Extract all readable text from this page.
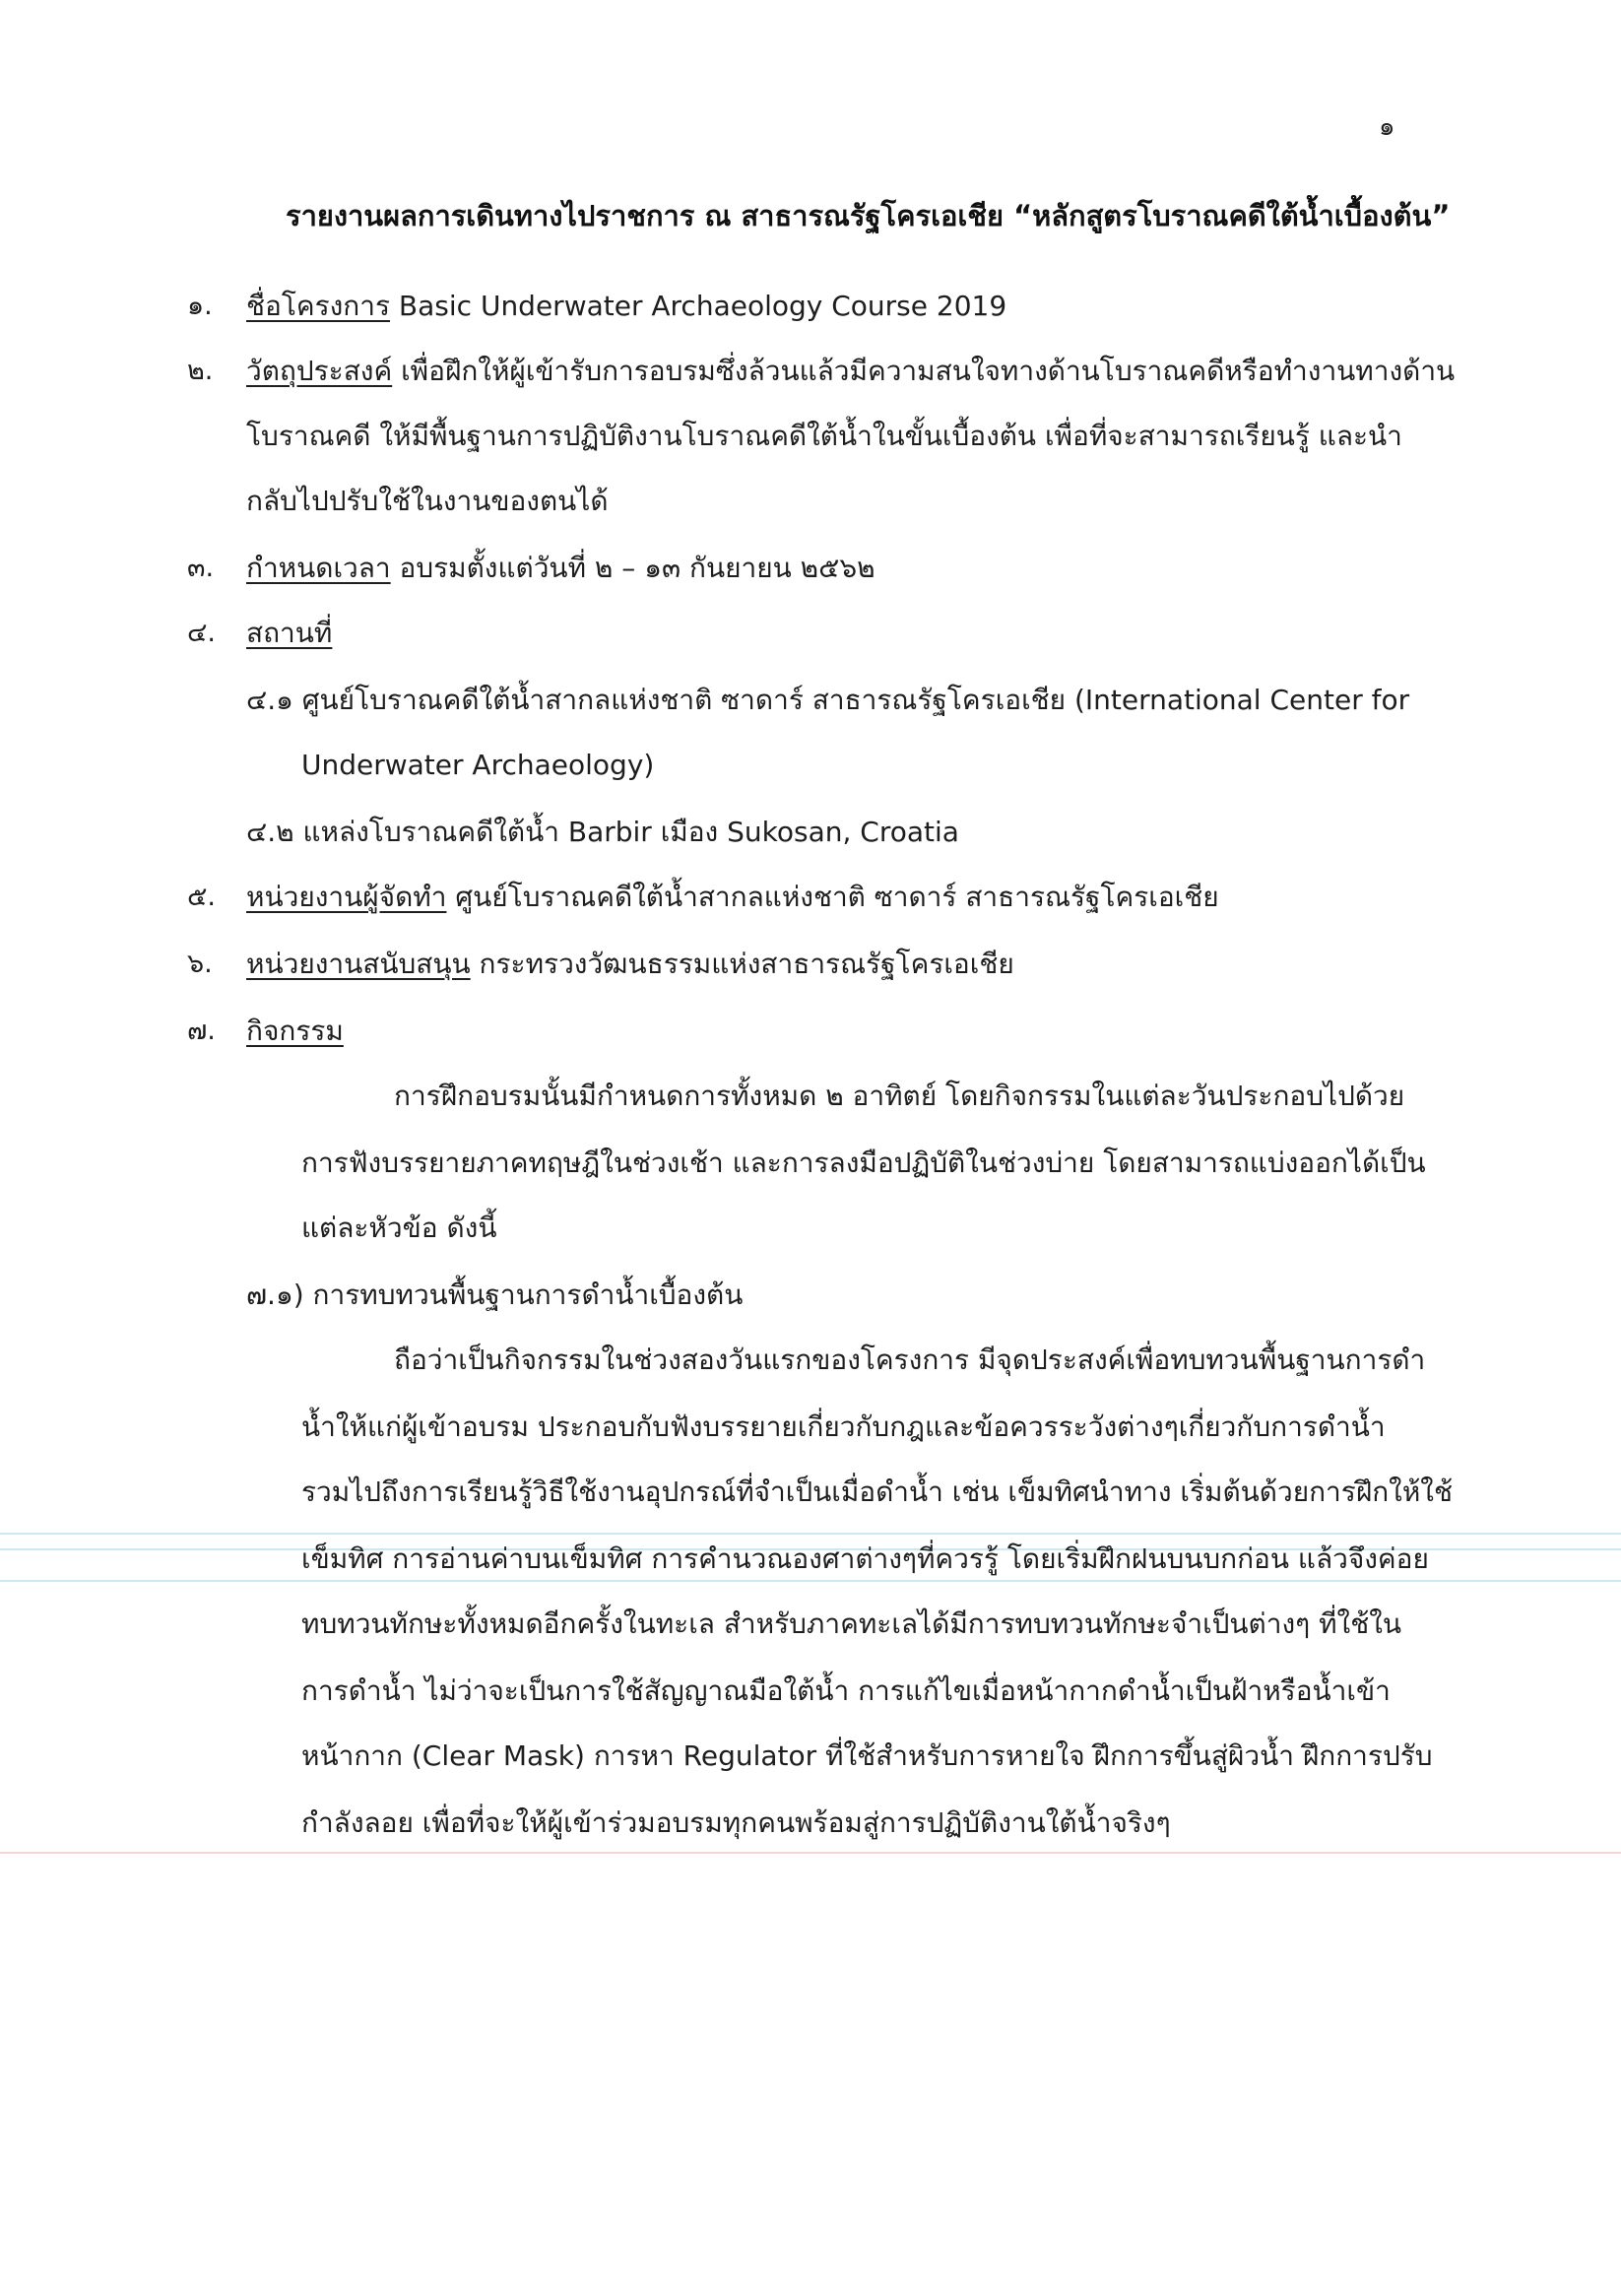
๑
รายงานผลการเดินทางไปราชการ ณ สาธารณรัฐโครเอเชีย “หลักสูตรโบราณคดีใต้น้ำเบื้องต้น”
๑. ชื่อโครงการ Basic Underwater Archaeology Course 2019
๒. วัตถุประสงค์ เพื่อฝึกให้ผู้เข้ารับการอบรมซึ่งล้วนแล้วมีความสนใจทางด้านโบราณคดีหรือทำงานทางด้าน
โบราณคดี ให้มีพื้นฐานการปฏิบัติงานโบราณคดีใต้น้ำในขั้นเบื้องต้น เพื่อที่จะสามารถเรียนรู้ และนำ
กลับไปปรับใช้ในงานของตนได้
๓. กำหนดเวลา อบรมตั้งแต่วันที่ ๒ – ๑๓ กันยายน ๒๕๖๒
๔. สถานที่
๔.๑ ศูนย์โบราณคดีใต้น้ำสากลแห่งชาติ ซาดาร์ สาธารณรัฐโครเอเชีย (International Center for
Underwater Archaeology)
๔.๒ แหล่งโบราณคดีใต้น้ำ Barbir เมือง Sukosan, Croatia
๕. หน่วยงานผู้จัดทำ ศูนย์โบราณคดีใต้น้ำสากลแห่งชาติ ซาดาร์ สาธารณรัฐโครเอเชีย
๖. หน่วยงานสนับสนุน กระทรวงวัฒนธรรมแห่งสาธารณรัฐโครเอเชีย
๗. กิจกรรม
การฝึกอบรมนั้นมีกำหนดการทั้งหมด ๒ อาทิตย์ โดยกิจกรรมในแต่ละวันประกอบไปด้วย
การฟังบรรยายภาคทฤษฎีในช่วงเช้า และการลงมือปฏิบัติในช่วงบ่าย โดยสามารถแบ่งออกได้เป็น
แต่ละหัวข้อ ดังนี้
๗.๑) การทบทวนพื้นฐานการดำน้ำเบื้องต้น
ถือว่าเป็นกิจกรรมในช่วงสองวันแรกของโครงการ มีจุดประสงค์เพื่อทบทวนพื้นฐานการดำ
น้ำให้แก่ผู้เข้าอบรม ประกอบกับฟังบรรยายเกี่ยวกับกฎและข้อควรระวังต่างๆเกี่ยวกับการดำน้ำ
รวมไปถึงการเรียนรู้วิธีใช้งานอุปกรณ์ที่จำเป็นเมื่อดำน้ำ เช่น เข็มทิศนำทาง เริ่มต้นด้วยการฝึกให้ใช้
เข็มทิศ การอ่านค่าบนเข็มทิศ การคำนวณองศาต่างๆที่ควรรู้ โดยเริ่มฝึกฝนบนบกก่อน แล้วจึงค่อย
ทบทวนทักษะทั้งหมดอีกครั้งในทะเล สำหรับภาคทะเลได้มีการทบทวนทักษะจำเป็นต่างๆ ที่ใช้ใน
การดำน้ำ ไม่ว่าจะเป็นการใช้สัญญาณมือใต้น้ำ การแก้ไขเมื่อหน้ากากดำน้ำเป็นฝ้าหรือน้ำเข้า
หน้ากาก (Clear Mask) การหา Regulator ที่ใช้สำหรับการหายใจ ฝึกการขึ้นสู่ผิวน้ำ ฝึกการปรับ
กำลังลอย เพื่อที่จะให้ผู้เข้าร่วมอบรมทุกคนพร้อมสู่การปฏิบัติงานใต้น้ำจริงๆ
